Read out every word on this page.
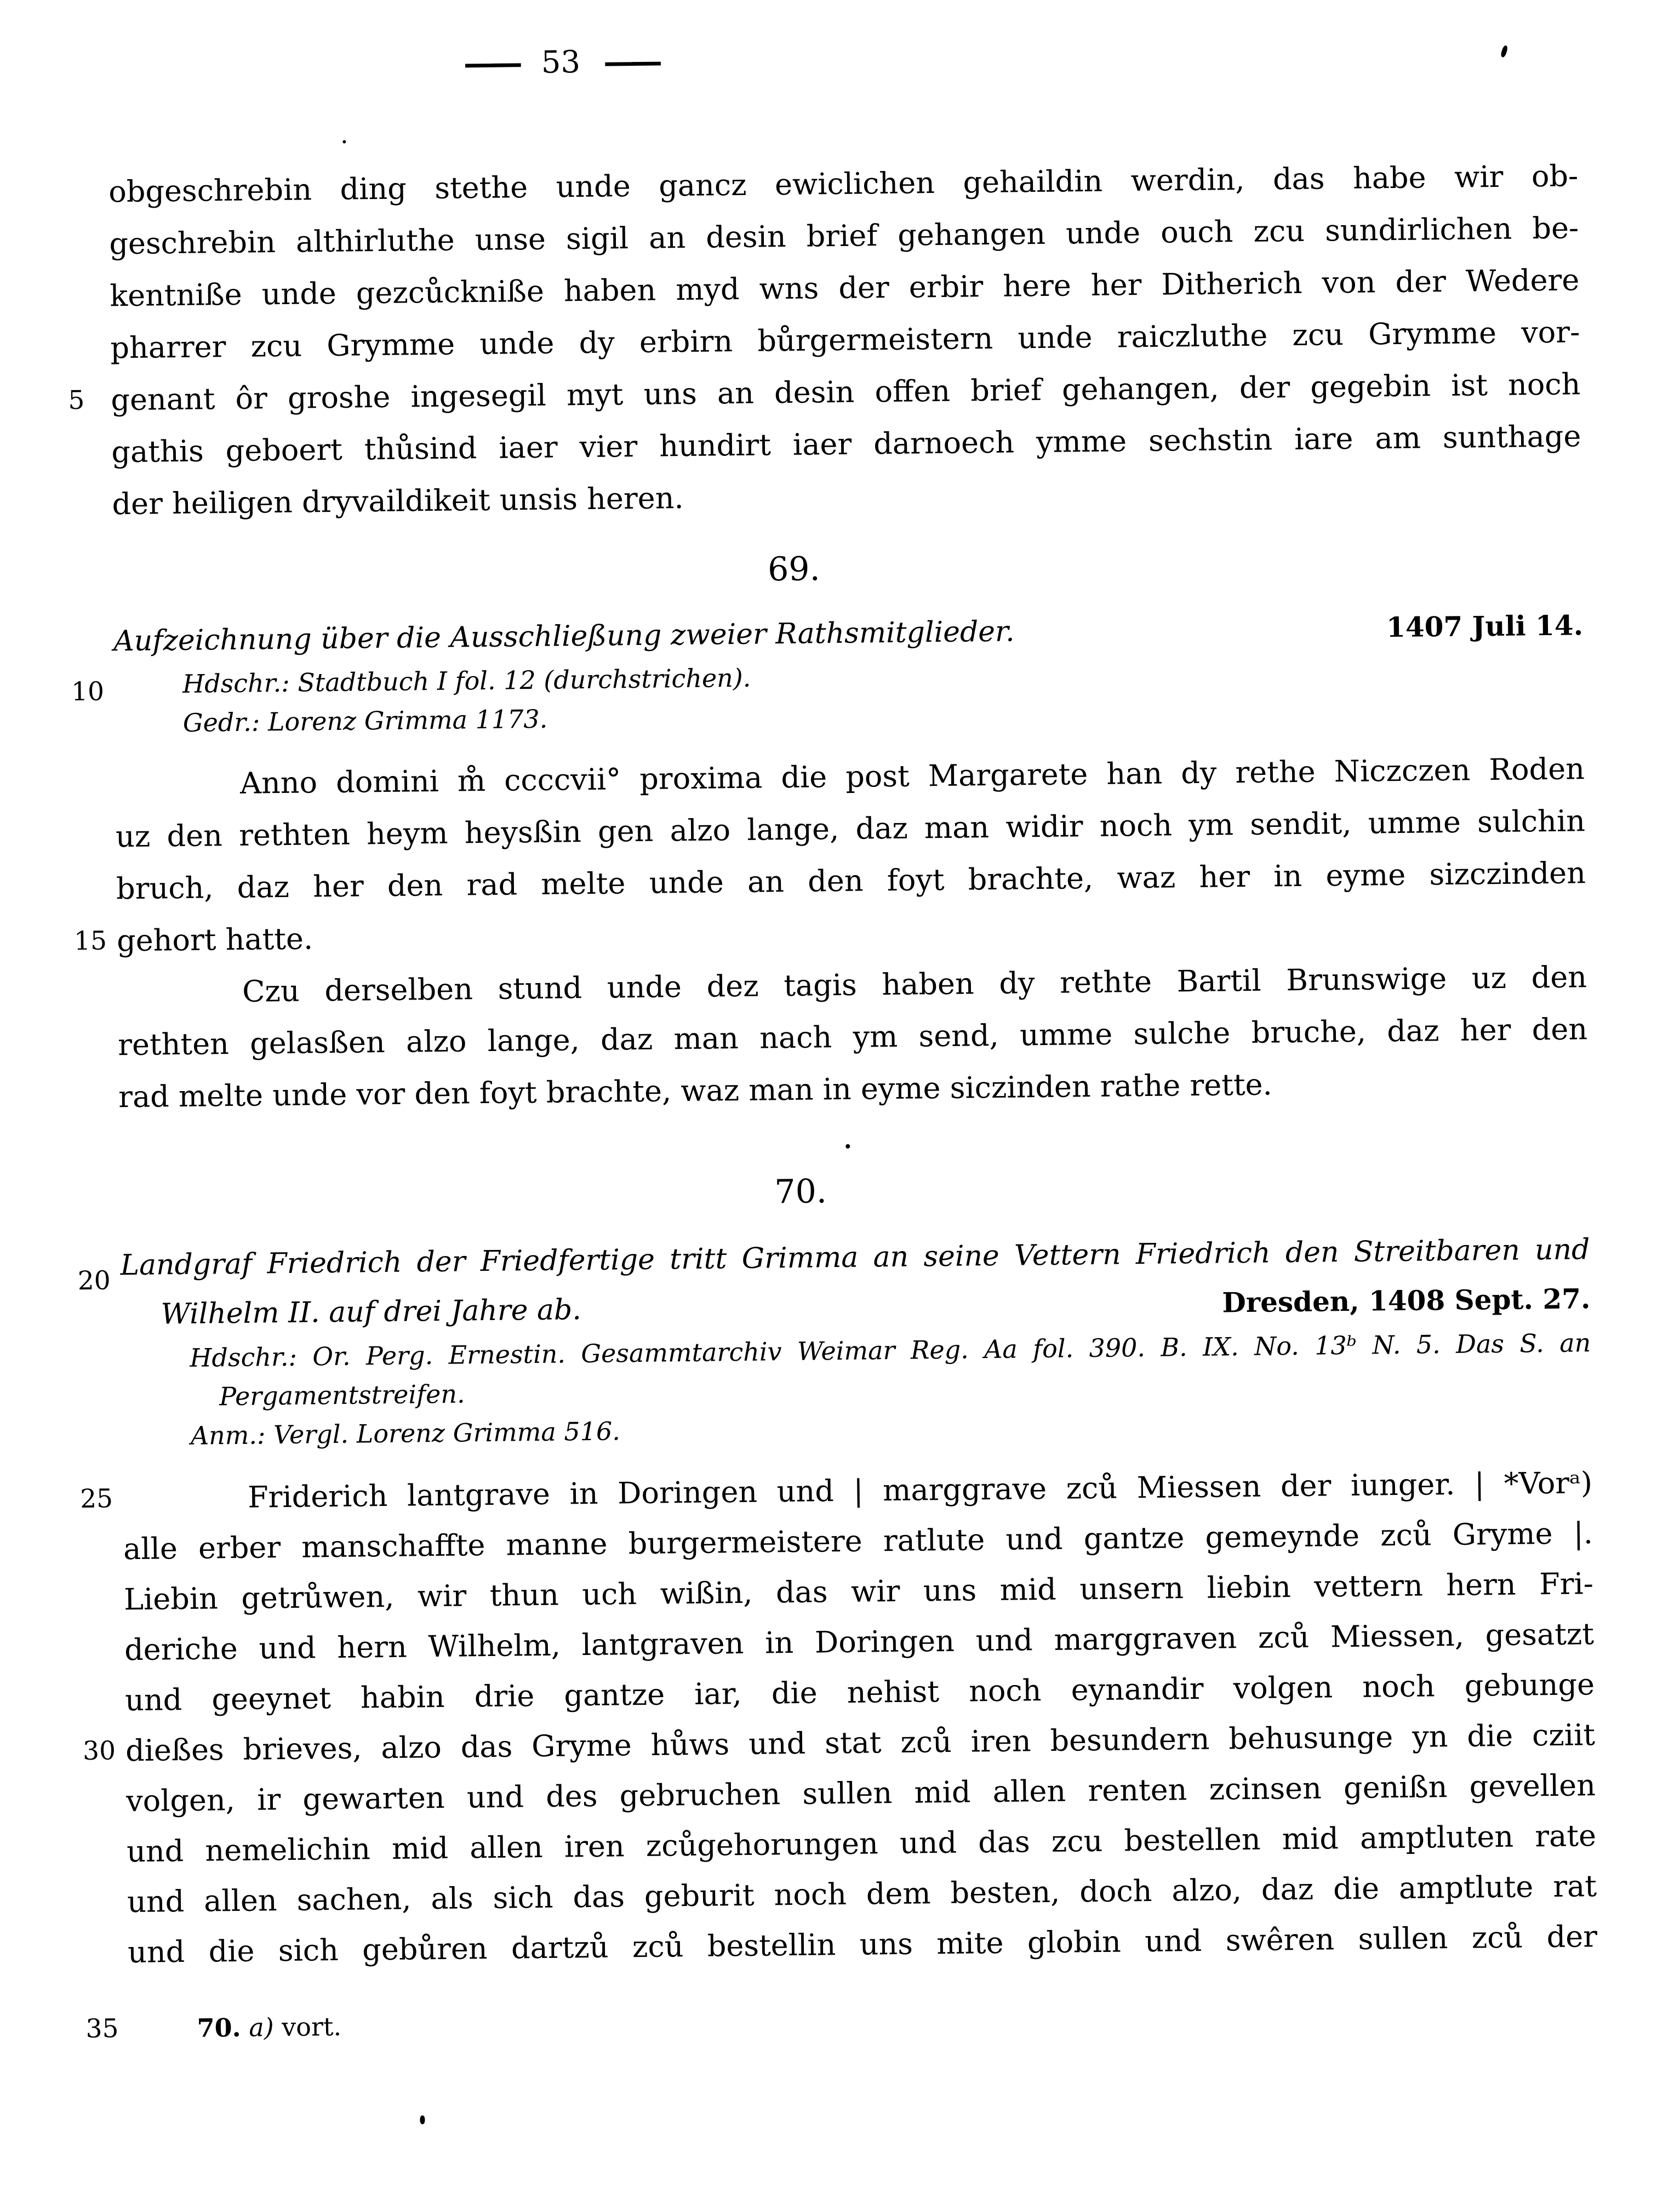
—— 53 ——
obgeschrebin ding stethe unde gancz ewiclichen gehaildin werdin, das habe wir ob-
geschrebin althirluthe unse sigil an desin brief gehangen unde ouch zcu sundirlichen be-
kentniße unde gezcůckniße haben myd wns der erbir here her Ditherich von der Wedere
pharrer zcu Grymme unde dy erbirn bůrgermeistern unde raiczluthe zcu Grymme vor-
5 genant ôr groshe ingesegil myt uns an desin offen brief gehangen, der gegebin ist noch
gathis geboert thůsind iaer vier hundirt iaer darnoech ymme sechstin iare am sunthage
der heiligen dryvaildikeit unsis heren.
69.
Aufzeichnung über die Ausschließung zweier Rathsmitglieder.	1407 Juli 14.
10	Hdschr.: Stadtbuch I fol. 12 (durchstrichen).
Gedr.: Lorenz Grimma 1173.
Anno domini m̊ ccccvii° proxima die post Margarete han dy rethe Niczczen Roden
uz den rethten heym heysßin gen alzo lange, daz man widir noch ym sendit, umme sulchin
bruch, daz her den rad melte unde an den foyt brachte, waz her in eyme sizczinden
15 gehort hatte.
Czu derselben stund unde dez tagis haben dy rethte Bartil Brunswige uz den
rethten gelasßen alzo lange, daz man nach ym send, umme sulche bruche, daz her den
rad melte unde vor den foyt brachte, waz man in eyme siczinden rathe rette.
70.
20 Landgraf Friedrich der Friedfertige tritt Grimma an seine Vettern Friedrich den Streitbaren und
Wilhelm II. auf drei Jahre ab.	Dresden, 1408 Sept. 27.
Hdschr.: Or. Perg. Ernestin. Gesammtarchiv Weimar Reg. Aa fol. 390. B. IX. No. 13ᵇ N. 5. Das S. an
Pergamentstreifen.
Anm.: Vergl. Lorenz Grimma 516.
25	Friderich lantgrave in Doringen und | marggrave zců Miessen der iunger. | *Vorᵃ)
alle erber manschaffte manne burgermeistere ratlute und gantze gemeynde zců Gryme |.
Liebin getrůwen, wir thun uch wißin, das wir uns mid unsern liebin vettern hern Fri-
deriche und hern Wilhelm, lantgraven in Doringen und marggraven zců Miessen, gesatzt
und geeynet habin drie gantze iar, die nehist noch eynandir volgen noch gebunge
30 dießes brieves, alzo das Gryme hůws und stat zců iren besundern behusunge yn die cziit
volgen, ir gewarten und des gebruchen sullen mid allen renten zcinsen genißn gevellen
und nemelichin mid allen iren zcůgehorungen und das zcu bestellen mid amptluten rate
und allen sachen, als sich das geburit noch dem besten, doch alzo, daz die amptlute rat
und die sich gebůren dartzů zců bestellin uns mite globin und swêren sullen zců der
35	70. a) vort.
